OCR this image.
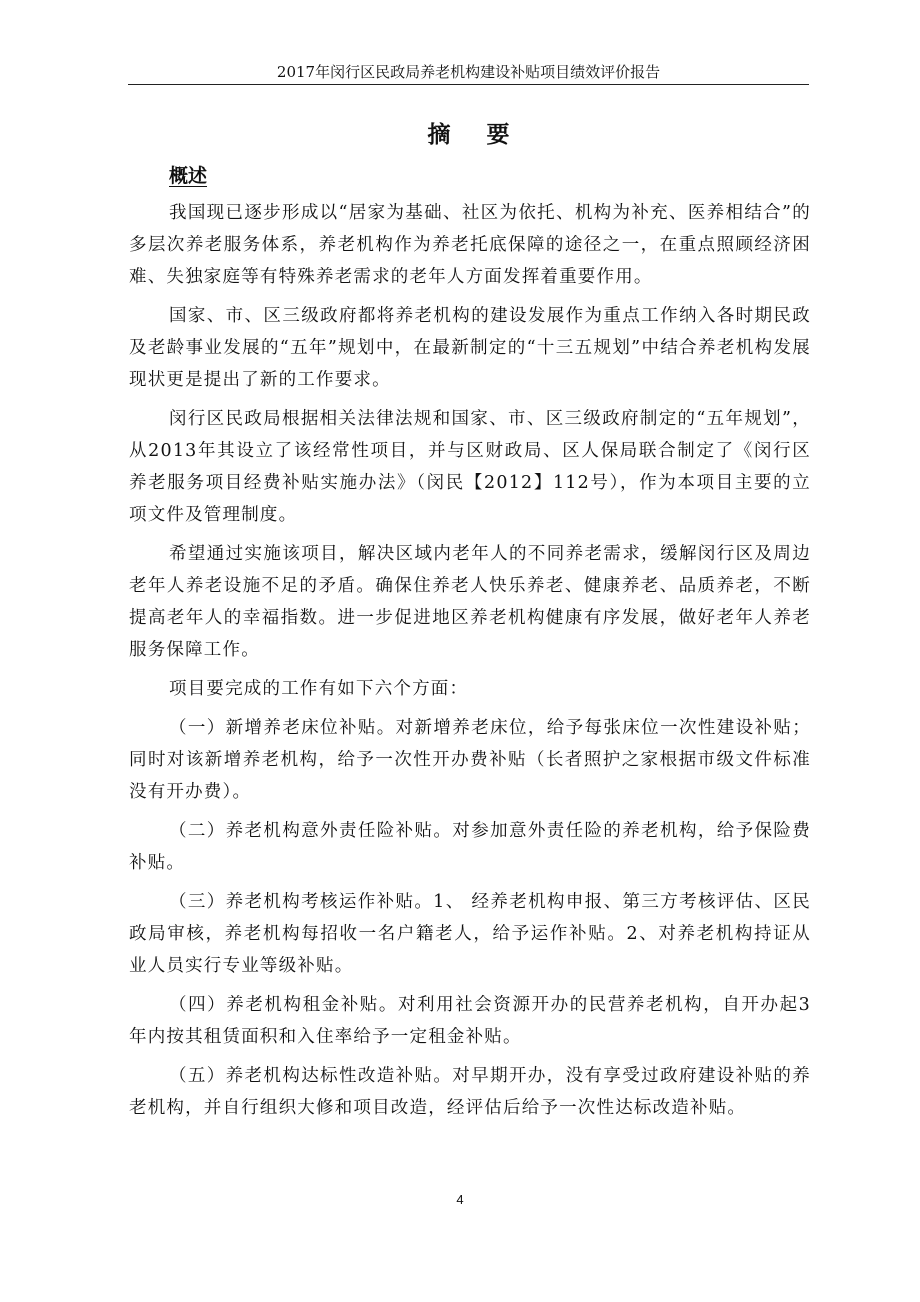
2017年闵行区民政局养老机构建设补贴项目绩效评价报告
摘 要
概述

我国现已逐步形成以“居家为基础、社区为依托、机构为补充、医养相结合”的多层次养老服务体系，养老机构作为养老托底保障的途径之一，在重点照顾经济困难、失独家庭等有特殊养老需求的老年人方面发挥着重要作用。

国家、市、区三级政府都将养老机构的建设发展作为重点工作纳入各时期民政及老龄事业发展的“五年”规划中，在最新制定的“十三五规划”中结合养老机构发展现状更是提出了新的工作要求。

闵行区民政局根据相关法律法规和国家、市、区三级政府制定的“五年规划”，从2013年其设立了该经常性项目，并与区财政局、区人保局联合制定了《闵行区养老服务项目经费补贴实施办法》（闵民【2012】112号），作为本项目主要的立项文件及管理制度。

希望通过实施该项目，解决区域内老年人的不同养老需求，缓解闵行区及周边老年人养老设施不足的矛盾。确保住养老人快乐养老、健康养老、品质养老，不断提高老年人的幸福指数。进一步促进地区养老机构健康有序发展，做好老年人养老服务保障工作。

项目要完成的工作有如下六个方面：

（一）新增养老床位补贴。对新增养老床位，给予每张床位一次性建设补贴；同时对该新增养老机构，给予一次性开办费补贴（长者照护之家根据市级文件标准没有开办费）。

（二）养老机构意外责任险补贴。对参加意外责任险的养老机构，给予保险费补贴。

（三）养老机构考核运作补贴。1、 经养老机构申报、第三方考核评估、区民政局审核，养老机构每招收一名户籍老人，给予运作补贴。2、对养老机构持证从业人员实行专业等级补贴。

（四）养老机构租金补贴。对利用社会资源开办的民营养老机构，自开办起3年内按其租赁面积和入住率给予一定租金补贴。

（五）养老机构达标性改造补贴。对早期开办，没有享受过政府建设补贴的养老机构，并自行组织大修和项目改造，经评估后给予一次性达标改造补贴。

4
